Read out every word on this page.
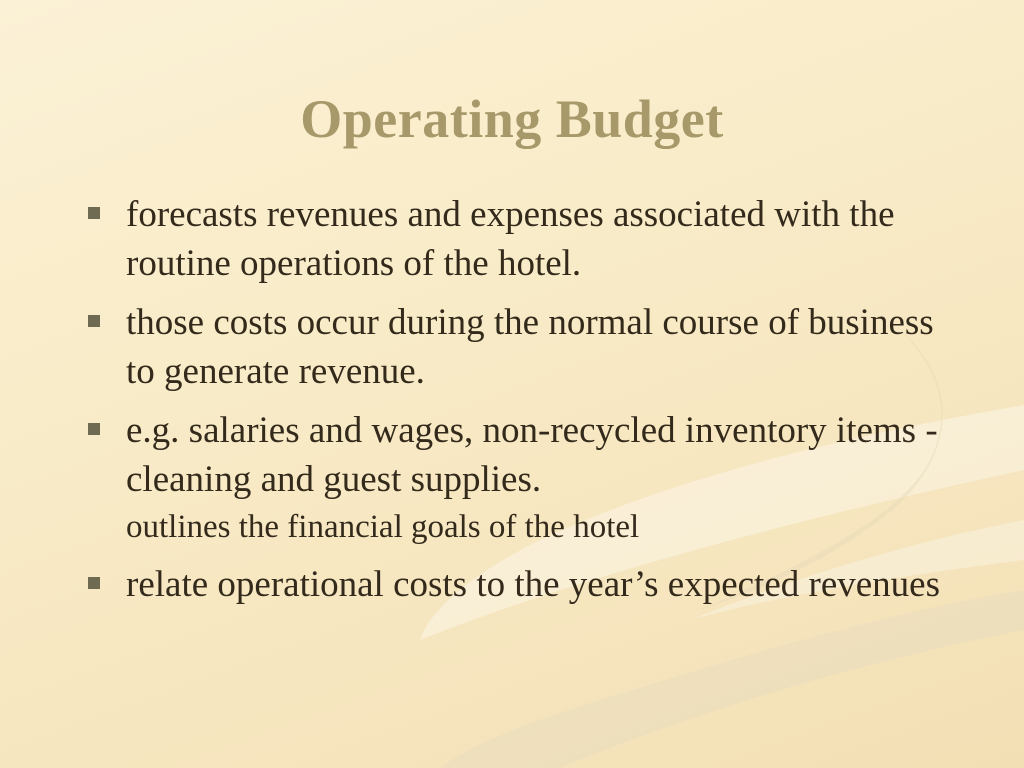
Operating Budget
forecasts revenues and expenses associated with the routine operations of the hotel.
those costs occur during the normal course of business to generate revenue.
e.g. salaries and wages, non-recycled inventory items - cleaning and guest supplies.
outlines the financial goals of the hotel
relate operational costs to the year’s expected revenues
